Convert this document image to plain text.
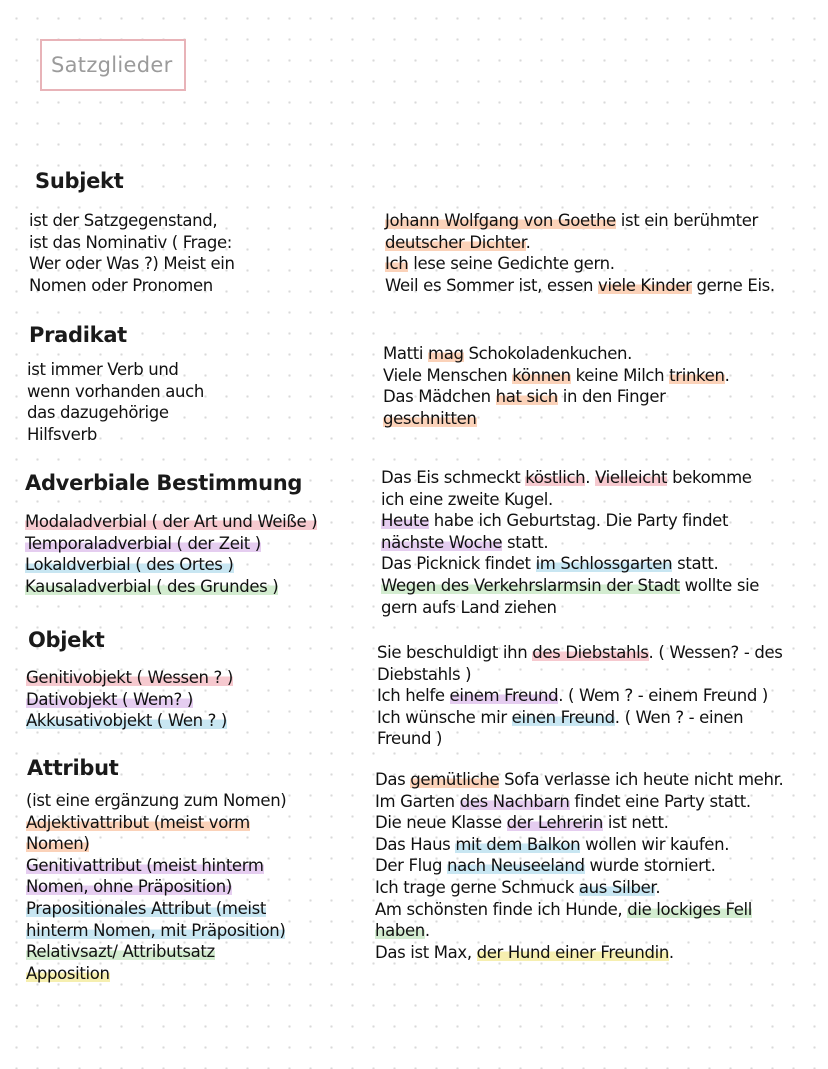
Satzglieder
Subjekt
ist der Satzgegenstand,
ist das Nominativ ( Frage:
Wer oder Was ?) Meist ein
Nomen oder Pronomen
Johann Wolfgang von Goethe ist ein berühmter
deutscher Dichter.
Ich lese seine Gedichte gern.
Weil es Sommer ist, essen viele Kinder gerne Eis.
Pradikat
ist immer Verb und
wenn vorhanden auch
das dazugehörige
Hilfsverb
Matti mag Schokoladenkuchen.
Viele Menschen können keine Milch trinken.
Das Mädchen hat sich in den Finger
geschnitten
Adverbiale Bestimmung
Modaladverbial ( der Art und Weiße )
Temporaladverbial ( der Zeit )
Lokaldverbial ( des Ortes )
Kausaladverbial ( des Grundes )
Das Eis schmeckt köstlich. Vielleicht bekomme
ich eine zweite Kugel.
Heute habe ich Geburtstag. Die Party findet
nächste Woche statt.
Das Picknick findet im Schlossgarten statt.
Wegen des Verkehrslarmsin der Stadt wollte sie
gern aufs Land ziehen
Objekt
Genitivobjekt ( Wessen ? )
Dativobjekt ( Wem? )
Akkusativobjekt ( Wen ? )
Sie beschuldigt ihn des Diebstahls. ( Wessen? - des
Diebstahls )
Ich helfe einem Freund. ( Wem ? - einem Freund )
Ich wünsche mir einen Freund. ( Wen ? - einen
Freund )
Attribut
(ist eine ergänzung zum Nomen)
Adjektivattribut (meist vorm
Nomen)
Genitivattribut (meist hinterm
Nomen, ohne Präposition)
Prapositionales Attribut (meist
hinterm Nomen, mit Präposition)
Relativsazt/ Attributsatz
Apposition
Das gemütliche Sofa verlasse ich heute nicht mehr.
Im Garten des Nachbarn findet eine Party statt.
Die neue Klasse der Lehrerin ist nett.
Das Haus mit dem Balkon wollen wir kaufen.
Der Flug nach Neuseeland wurde storniert.
Ich trage gerne Schmuck aus Silber.
Am schönsten finde ich Hunde, die lockiges Fell
haben.
Das ist Max, der Hund einer Freundin.
